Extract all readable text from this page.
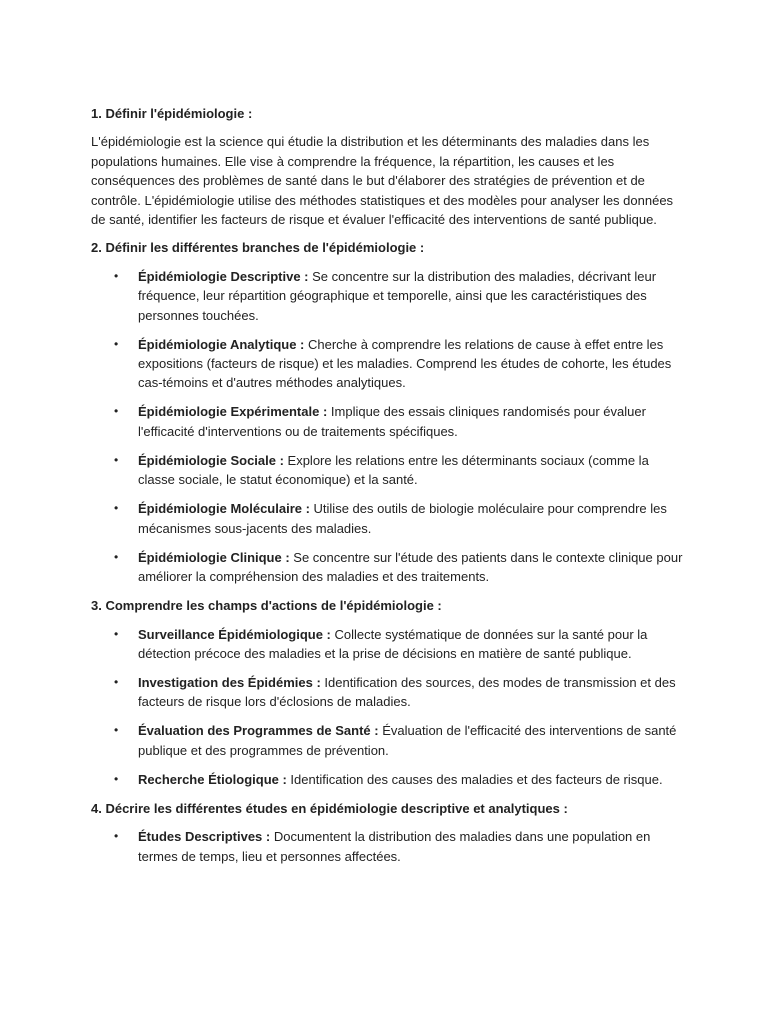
1. Définir l'épidémiologie :
L'épidémiologie est la science qui étudie la distribution et les déterminants des maladies dans les populations humaines. Elle vise à comprendre la fréquence, la répartition, les causes et les conséquences des problèmes de santé dans le but d'élaborer des stratégies de prévention et de contrôle. L'épidémiologie utilise des méthodes statistiques et des modèles pour analyser les données de santé, identifier les facteurs de risque et évaluer l'efficacité des interventions de santé publique.
2. Définir les différentes branches de l'épidémiologie :
• Épidémiologie Descriptive : Se concentre sur la distribution des maladies, décrivant leur fréquence, leur répartition géographique et temporelle, ainsi que les caractéristiques des personnes touchées.
• Épidémiologie Analytique : Cherche à comprendre les relations de cause à effet entre les expositions (facteurs de risque) et les maladies. Comprend les études de cohorte, les études cas-témoins et d'autres méthodes analytiques.
• Épidémiologie Expérimentale : Implique des essais cliniques randomisés pour évaluer l'efficacité d'interventions ou de traitements spécifiques.
• Épidémiologie Sociale : Explore les relations entre les déterminants sociaux (comme la classe sociale, le statut économique) et la santé.
• Épidémiologie Moléculaire : Utilise des outils de biologie moléculaire pour comprendre les mécanismes sous-jacents des maladies.
• Épidémiologie Clinique : Se concentre sur l'étude des patients dans le contexte clinique pour améliorer la compréhension des maladies et des traitements.
3. Comprendre les champs d'actions de l'épidémiologie :
• Surveillance Épidémiologique : Collecte systématique de données sur la santé pour la détection précoce des maladies et la prise de décisions en matière de santé publique.
• Investigation des Épidémies : Identification des sources, des modes de transmission et des facteurs de risque lors d'éclosions de maladies.
• Évaluation des Programmes de Santé : Évaluation de l'efficacité des interventions de santé publique et des programmes de prévention.
• Recherche Étiologique : Identification des causes des maladies et des facteurs de risque.
4. Décrire les différentes études en épidémiologie descriptive et analytiques :
• Études Descriptives : Documentent la distribution des maladies dans une population en termes de temps, lieu et personnes affectées.
